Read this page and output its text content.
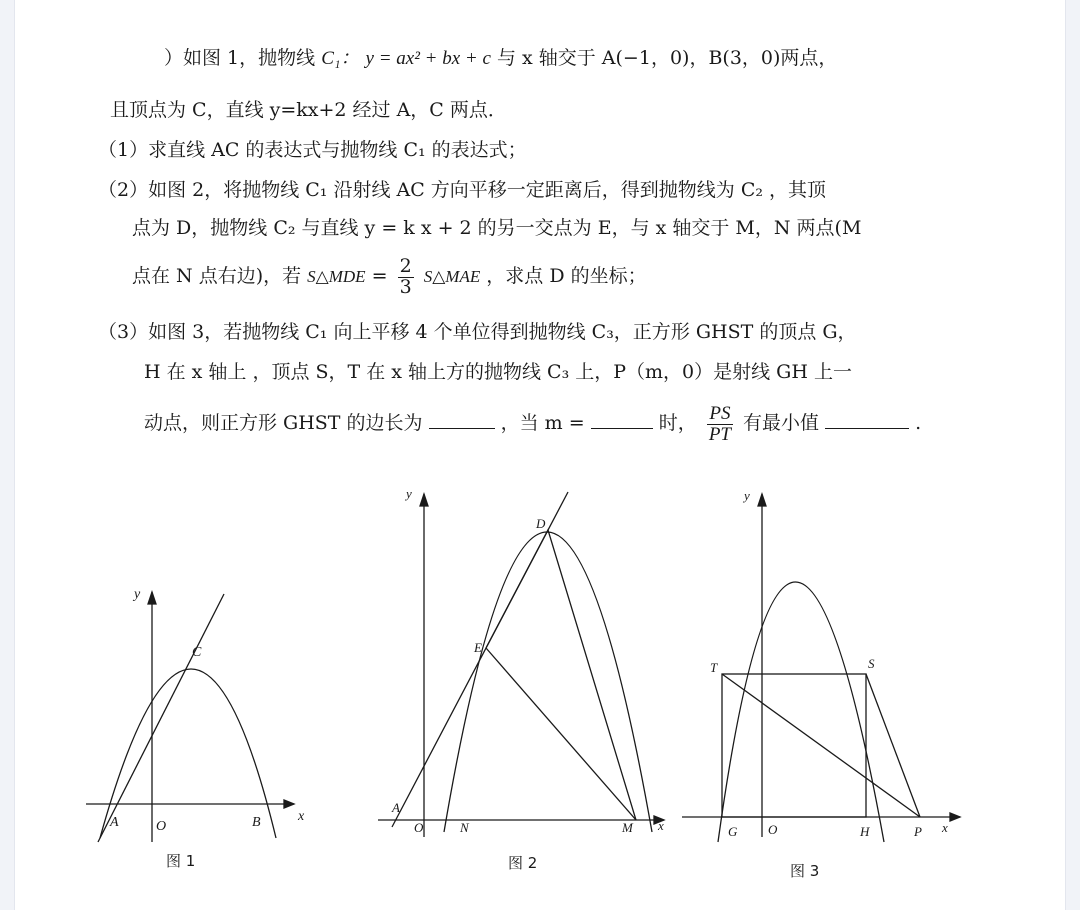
）如图 1，抛物线 C₁： y = ax² + bx + c 与 x 轴交于 A(−1，0)，B(3，0)两点，
且顶点为 C，直线 y=kx+2 经过 A，C 两点．
（1）求直线 AC 的表达式与抛物线 C₁ 的表达式；
（2）如图 2，将抛物线 C₁ 沿射线 AC 方向平移一定距离后，得到抛物线为 C₂ ，其顶
点为 D，抛物线 C₂ 与直线 y = k x + 2 的另一交点为 E，与 x 轴交于 M，N 两点(M
点在 N 点右边)，若 S△MDE = $\frac{2}{3}$ S△MAE ，求点 D 的坐标；
（3）如图 3，若抛物线 C₁ 向上平移 4 个单位得到抛物线 C₃，正方形 GHST 的顶点 G，
H 在 x 轴上 ，顶点 S，T 在 x 轴上方的抛物线 C₃ 上，P（m，0）是射线 GH 上一
动点，则正方形 GHST 的边长为	，当 m =	时， $\frac{PS}{PT}$ 有最小值	.
y
x
A	O	B
C
图 1
y
x
A
O	N	M
D
E
图 2
y
x
G O	H	P
T	S
图 3
